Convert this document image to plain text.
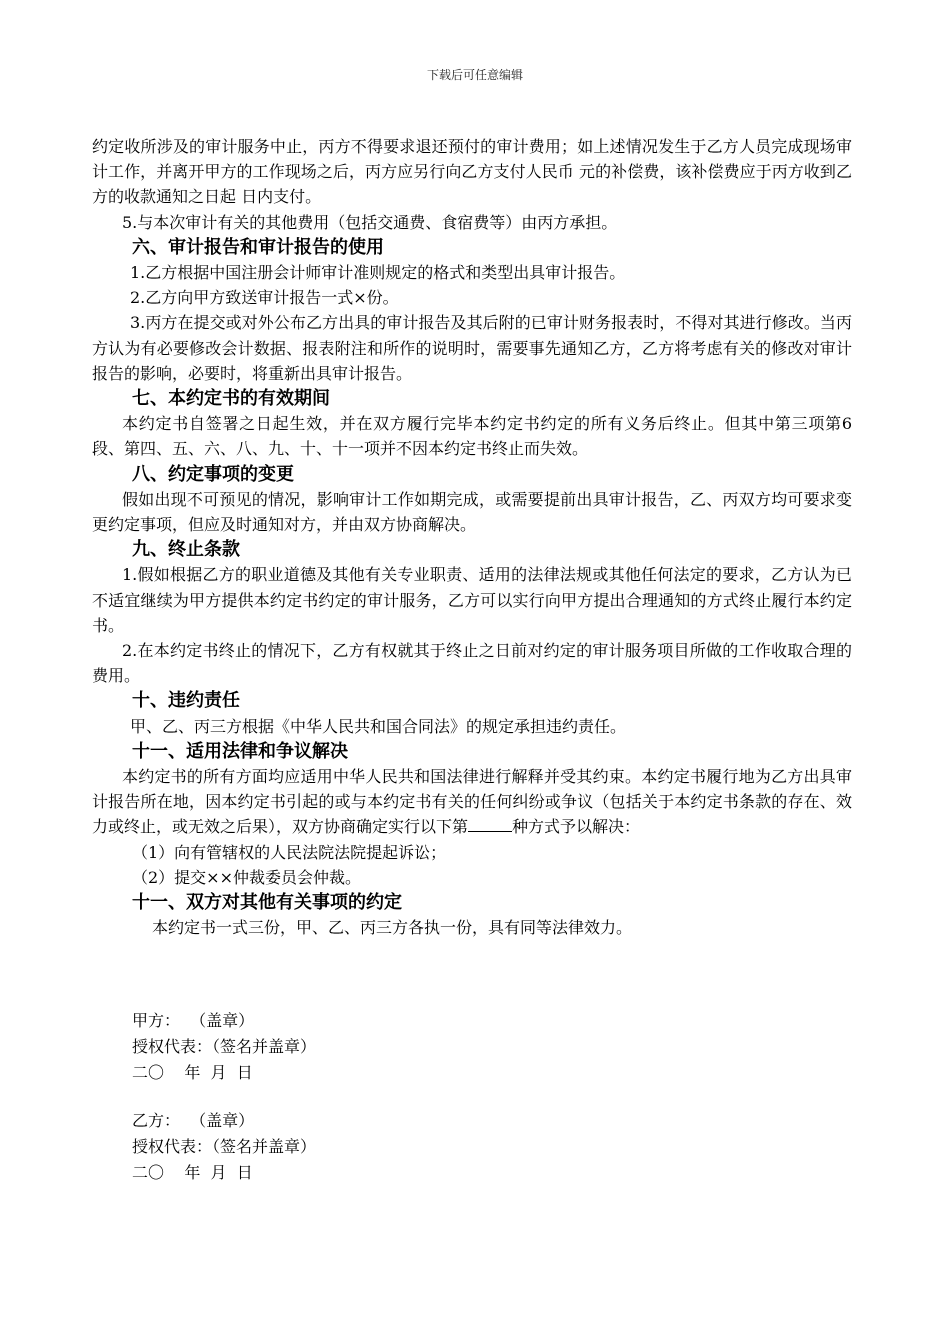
下载后可任意编辑

约定收所涉及的审计服务中止，丙方不得要求退还预付的审计费用；如上述情况发生于乙方人员完成现场审计工作，并离开甲方的工作现场之后，丙方应另行向乙方支付人民币 元的补偿费，该补偿费应于丙方收到乙方的收款通知之日起 日内支付。

5.与本次审计有关的其他费用（包括交通费、食宿费等）由丙方承担。

六、审计报告和审计报告的使用

1.乙方根据中国注册会计师审计准则规定的格式和类型出具审计报告。

2.乙方向甲方致送审计报告一式×份。

3.丙方在提交或对外公布乙方出具的审计报告及其后附的已审计财务报表时，不得对其进行修改。当丙方认为有必要修改会计数据、报表附注和所作的说明时，需要事先通知乙方，乙方将考虑有关的修改对审计报告的影响，必要时，将重新出具审计报告。

七、本约定书的有效期间

本约定书自签署之日起生效，并在双方履行完毕本约定书约定的所有义务后终止。但其中第三项第6段、第四、五、六、八、九、十、十一项并不因本约定书终止而失效。

八、约定事项的变更

假如出现不可预见的情况，影响审计工作如期完成，或需要提前出具审计报告，乙、丙双方均可要求变更约定事项，但应及时通知对方，并由双方协商解决。

九、终止条款

1.假如根据乙方的职业道德及其他有关专业职责、适用的法律法规或其他任何法定的要求，乙方认为已不适宜继续为甲方提供本约定书约定的审计服务，乙方可以实行向甲方提出合理通知的方式终止履行本约定书。

2.在本约定书终止的情况下，乙方有权就其于终止之日前对约定的审计服务项目所做的工作收取合理的费用。

十、违约责任

甲、乙、丙三方根据《中华人民共和国合同法》的规定承担违约责任。

十一、适用法律和争议解决

本约定书的所有方面均应适用中华人民共和国法律进行解释并受其约束。本约定书履行地为乙方出具审计报告所在地，因本约定书引起的或与本约定书有关的任何纠纷或争议（包括关于本约定书条款的存在、效力或终止，或无效之后果），双方协商确定实行以下第	种方式予以解决：

（1）向有管辖权的人民法院法院提起诉讼；

（2）提交××仲裁委员会仲裁。

十一、双方对其他有关事项的约定

本约定书一式三份，甲、乙、丙三方各执一份，具有同等法律效力。

甲方：  （盖章）
授权代表：（签名并盖章）
二〇    年  月  日
乙方：  （盖章）
授权代表：（签名并盖章）
二〇    年  月  日
